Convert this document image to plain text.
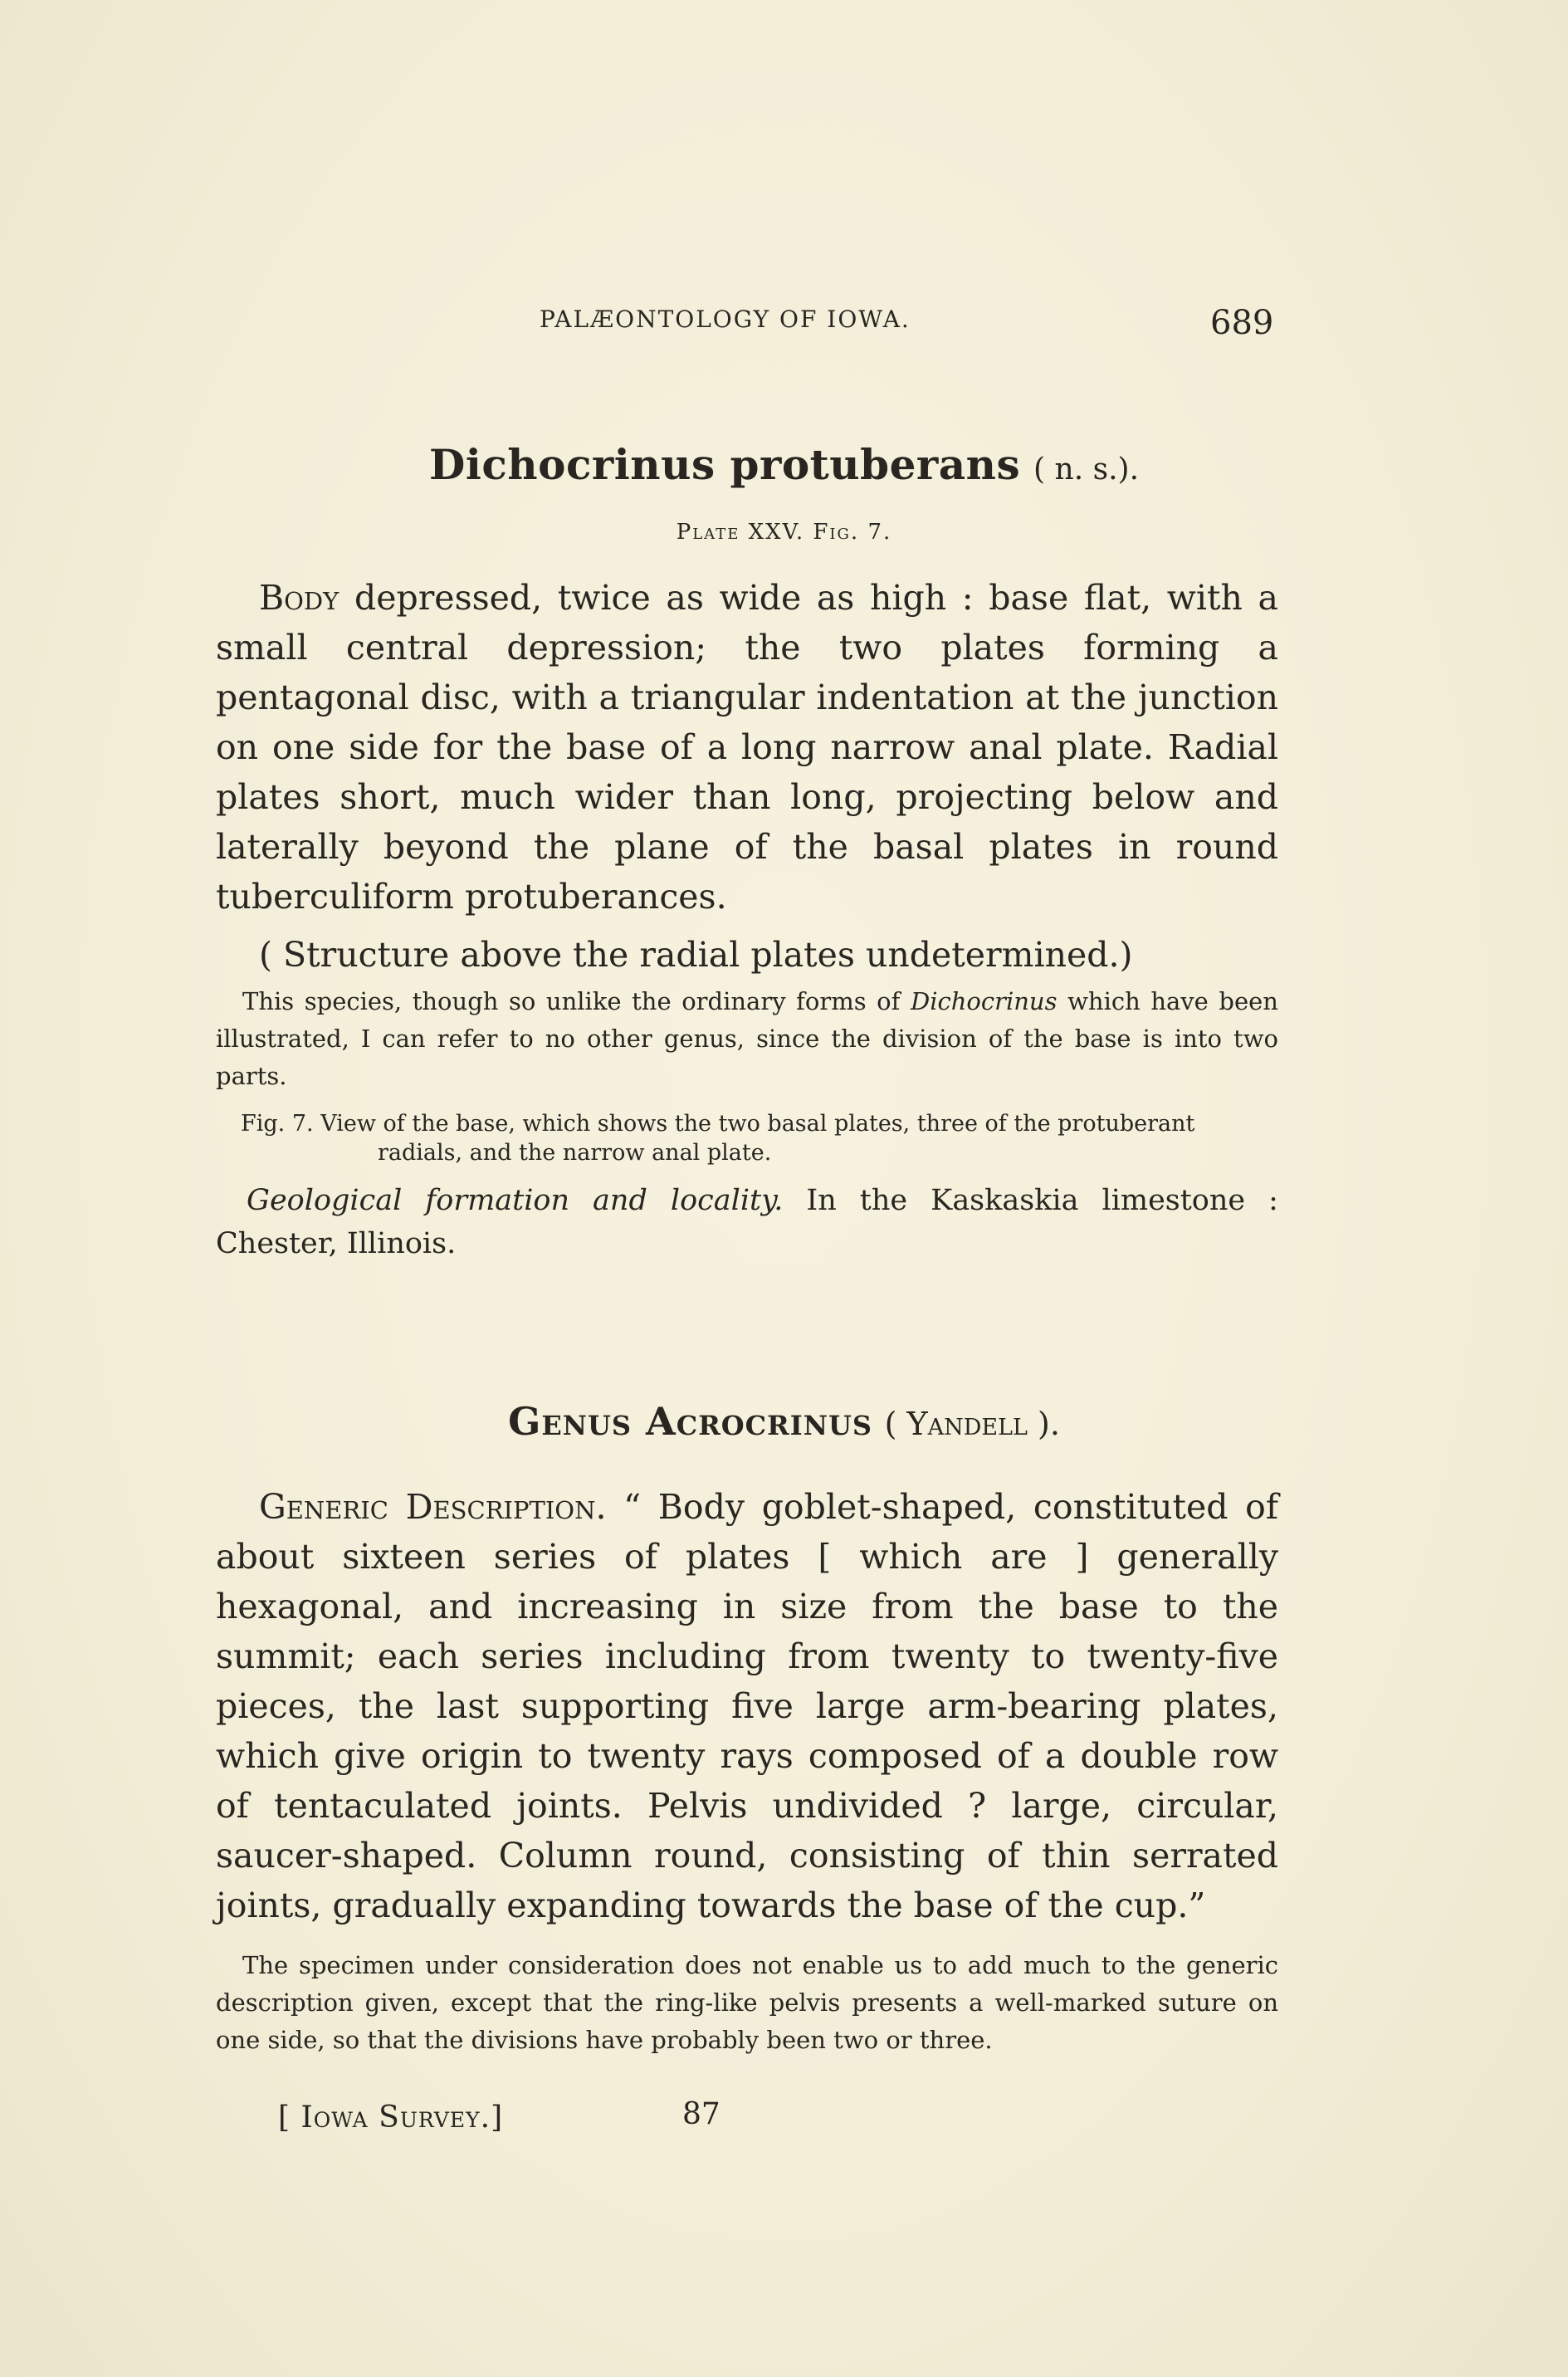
PALÆONTOLOGY OF IOWA.	689
Dichocrinus protuberans ( n. s.).
Plate XXV. Fig. 7.
Body depressed, twice as wide as high : base flat, with a small central depression; the two plates forming a pentagonal disc, with a triangular indentation at the junction on one side for the base of a long narrow anal plate. Radial plates short, much wider than long, projecting below and laterally beyond the plane of the basal plates in round tuberculiform protuberances.
( Structure above the radial plates undetermined.)
This species, though so unlike the ordinary forms of Dichocrinus which have been illustrated, I can refer to no other genus, since the division of the base is into two parts.
Fig. 7. View of the base, which shows the two basal plates, three of the protuberant
radials, and the narrow anal plate.
Geological formation and locality. In the Kaskaskia limestone : Chester, Illinois.
Genus Acrocrinus ( Yandell ).
Generic Description. “ Body goblet-shaped, constituted of about sixteen series of plates [ which are ] generally hexagonal, and increasing in size from the base to the summit; each series including from twenty to twenty-five pieces, the last supporting five large arm-bearing plates, which give origin to twenty rays composed of a double row of tentaculated joints. Pelvis undivided ? large, circular, saucer-shaped. Column round, consisting of thin serrated joints, gradually expanding towards the base of the cup.”
The specimen under consideration does not enable us to add much to the generic description given, except that the ring-like pelvis presents a well-marked suture on one side, so that the divisions have probably been two or three.
[ Iowa Survey.]	87
